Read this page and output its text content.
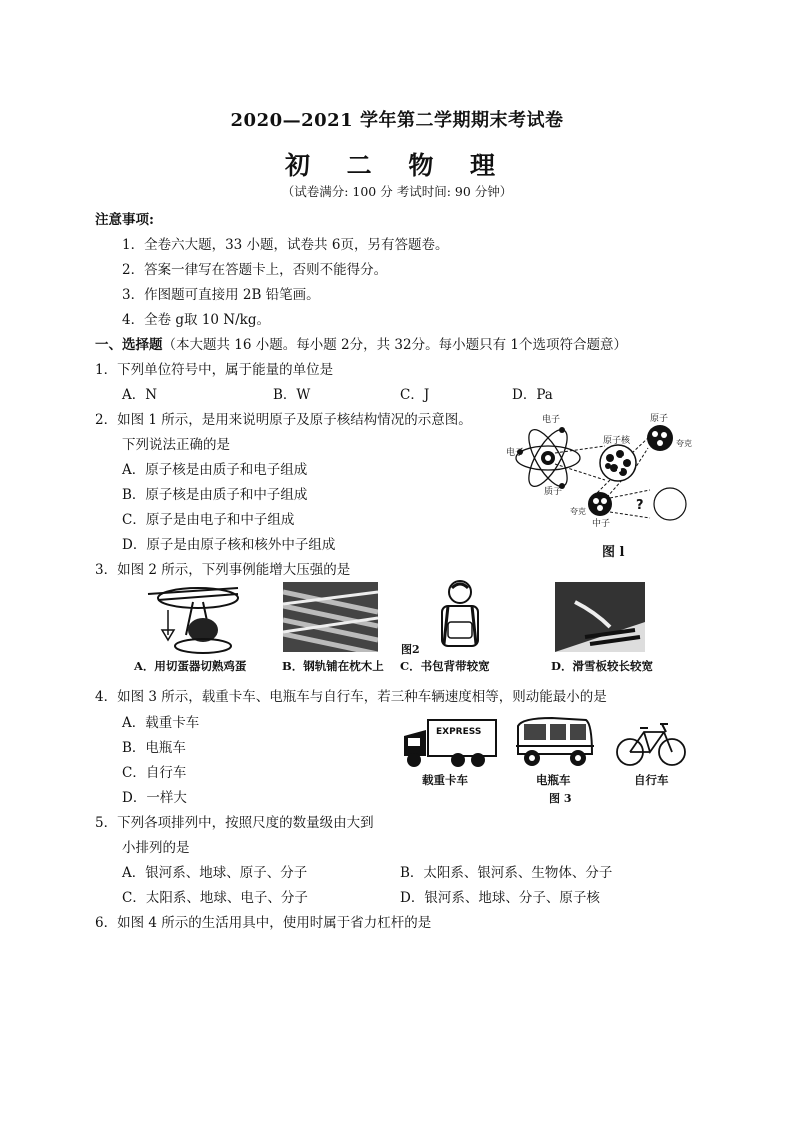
2020—2021 学年第二学期期末考试卷
初 二 物 理
（试卷满分: 100 分 考试时间: 90 分钟）
注意事项:
1．全卷六大题，33 小题，试卷共 6页，另有答题卷。
2．答案一律写在答题卡上，否则不能得分。
3．作图题可直接用 2B 铅笔画。
4．全卷 g取 10 N/kg。
一、选择题（本大题共 16 小题。每小题 2分，共 32分。每小题只有 1个选项符合题意）
1．下列单位符号中，属于能量的单位是
A．N	B．W	C．J	D．Pa
2．如图 1 所示，是用来说明原子及原子核结构情况的示意图。
下列说法正确的是
A．原子核是由质子和电子组成
B．原子核是由质子和中子组成
C．原子是由电子和中子组成
D．原子是由原子核和核外中子组成
?
电子
电子
原子核
质子
夸克
夸克
中子
原子
图 l
3．如图 2 所示，下列事例能增大压强的是
图2
A．用切蛋器切熟鸡蛋	B．钢轨铺在枕木上 C．书包背带较宽	D．滑雪板较长较宽
4．如图 3 所示，载重卡车、电瓶车与自行车，若三种车辆速度相等，则动能最小的是
A．载重卡车
B．电瓶车
C．自行车
D．一样大
EXPRESS
载重卡车	电瓶车	自行车
图 3
5．下列各项排列中，按照尺度的数量级由大到
小排列的是
A．银河系、地球、原子、分子	B．太阳系、银河系、生物体、分子
C．太阳系、地球、电子、分子	D．银河系、地球、分子、原子核
6．如图 4 所示的生活用具中，使用时属于省力杠杆的是
